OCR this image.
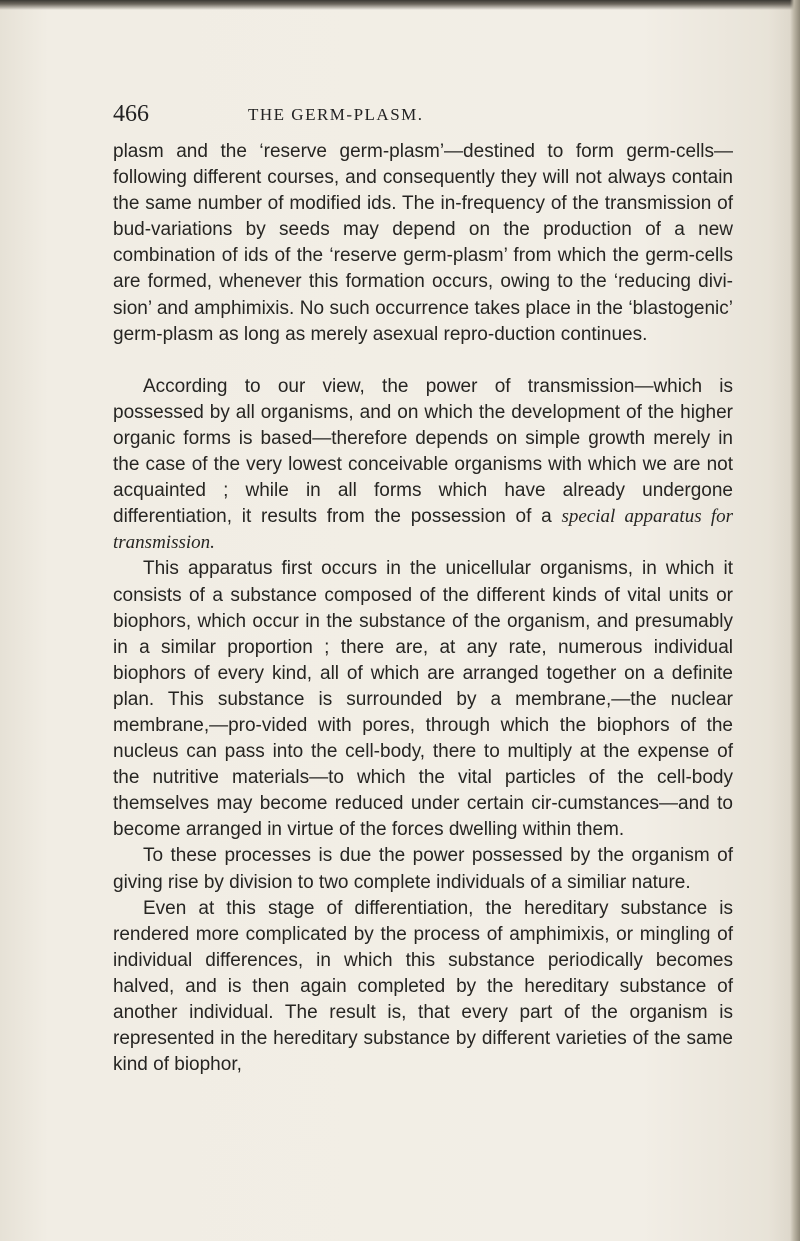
466	THE GERM-PLASM.

plasm and the ‘reserve germ-plasm’—destined to form germ-cells—following different courses, and consequently they will not always contain the same number of modified ids. The in-frequency of the transmission of bud-variations by seeds may depend on the production of a new combination of ids of the ‘reserve germ-plasm’ from which the germ-cells are formed, whenever this formation occurs, owing to the ‘reducing divi-sion’ and amphimixis. No such occurrence takes place in the ‘blastogenic’ germ-plasm as long as merely asexual repro-duction continues.

According to our view, the power of transmission—which is possessed by all organisms, and on which the development of the higher organic forms is based—therefore depends on simple growth merely in the case of the very lowest conceivable organisms with which we are not acquainted ; while in all forms which have already undergone differentiation, it results from the possession of a special apparatus for transmission.

This apparatus first occurs in the unicellular organisms, in which it consists of a substance composed of the different kinds of vital units or biophors, which occur in the substance of the organism, and presumably in a similar proportion ; there are, at any rate, numerous individual biophors of every kind, all of which are arranged together on a definite plan. This substance is surrounded by a membrane,—the nuclear membrane,—pro-vided with pores, through which the biophors of the nucleus can pass into the cell-body, there to multiply at the expense of the nutritive materials—to which the vital particles of the cell-body themselves may become reduced under certain cir-cumstances—and to become arranged in virtue of the forces dwelling within them.

To these processes is due the power possessed by the organism of giving rise by division to two complete individuals of a similiar nature.

Even at this stage of differentiation, the hereditary substance is rendered more complicated by the process of amphimixis, or mingling of individual differences, in which this substance periodically becomes halved, and is then again completed by the hereditary substance of another individual. The result is, that every part of the organism is represented in the hereditary substance by different varieties of the same kind of biophor,
